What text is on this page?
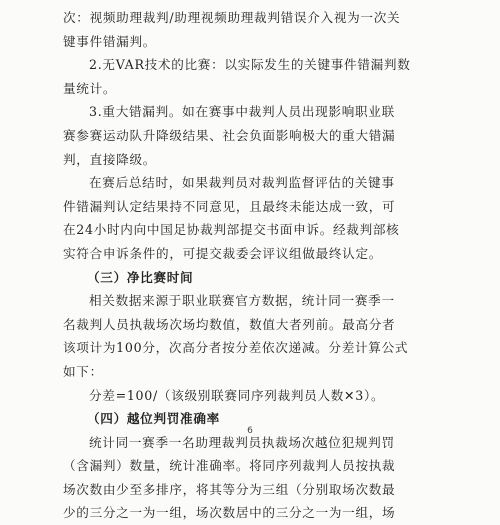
次：视频助理裁判/助理视频助理裁判错误介入视为一次关

键事件错漏判。

2.无VAR技术的比赛：以实际发生的关键事件错漏判数

量统计。

3.重大错漏判。如在赛事中裁判人员出现影响职业联

赛参赛运动队升降级结果、社会负面影响极大的重大错漏

判，直接降级。

在赛后总结时，如果裁判员对裁判监督评估的关键事

件错漏判认定结果持不同意见，且最终未能达成一致，可

在24小时内向中国足协裁判部提交书面申诉。经裁判部核

实符合申诉条件的，可提交裁委会评议组做最终认定。

（三）净比赛时间

相关数据来源于职业联赛官方数据，统计同一赛季一

名裁判人员执裁场次场均数值，数值大者列前。最高分者

该项计为100分，次高分者按分差依次递减。分差计算公式

如下：

分差=100/（该级别联赛同序列裁判员人数✕3）。

（四）越位判罚准确率

统计同一赛季一名助理裁判员执裁场次越位犯规判罚

（含漏判）数量，统计准确率。将同序列裁判人员按执裁

场次数由少至多排序，将其等分为三组（分别取场次数最

少的三分之一为一组，场次数居中的三分之一为一组，场

6
